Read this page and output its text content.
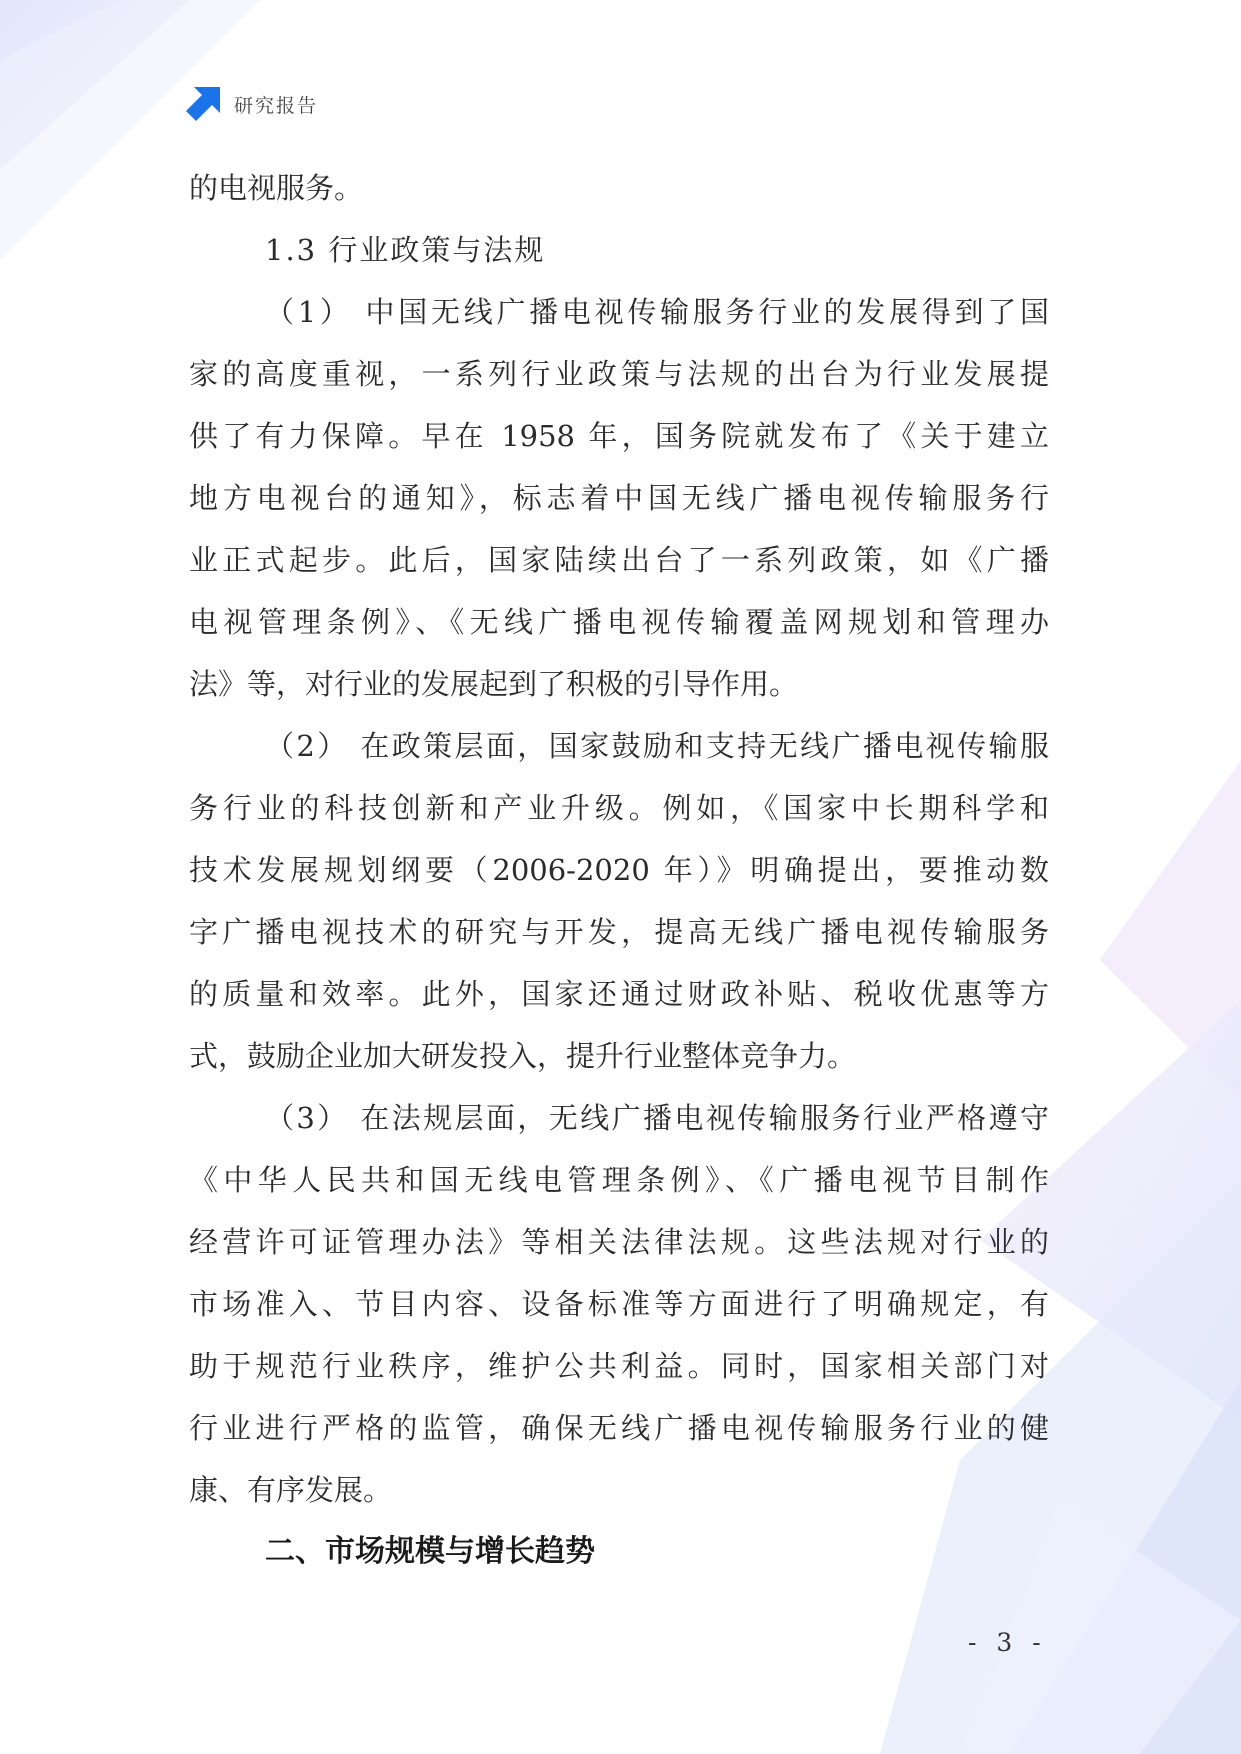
研究报告
的电视服务。
1.3 行业政策与法规
（1） 中国无线广播电视传输服务行业的发展得到了国
家的高度重视，一系列行业政策与法规的出台为行业发展提
供了有力保障。早在 1958 年，国务院就发布了《关于建立
地方电视台的通知》，标志着中国无线广播电视传输服务行
业正式起步。此后，国家陆续出台了一系列政策，如《广播
电视管理条例》、《无线广播电视传输覆盖网规划和管理办
法》等，对行业的发展起到了积极的引导作用。
（2） 在政策层面，国家鼓励和支持无线广播电视传输服
务行业的科技创新和产业升级。例如，《国家中长期科学和
技术发展规划纲要（2006-2020 年）》明确提出，要推动数
字广播电视技术的研究与开发，提高无线广播电视传输服务
的质量和效率。此外，国家还通过财政补贴、税收优惠等方
式，鼓励企业加大研发投入，提升行业整体竞争力。
（3） 在法规层面，无线广播电视传输服务行业严格遵守
《中华人民共和国无线电管理条例》、《广播电视节目制作
经营许可证管理办法》等相关法律法规。这些法规对行业的
市场准入、节目内容、设备标准等方面进行了明确规定，有
助于规范行业秩序，维护公共利益。同时，国家相关部门对
行业进行严格的监管，确保无线广播电视传输服务行业的健
康、有序发展。
二、市场规模与增长趋势
- 3 -
